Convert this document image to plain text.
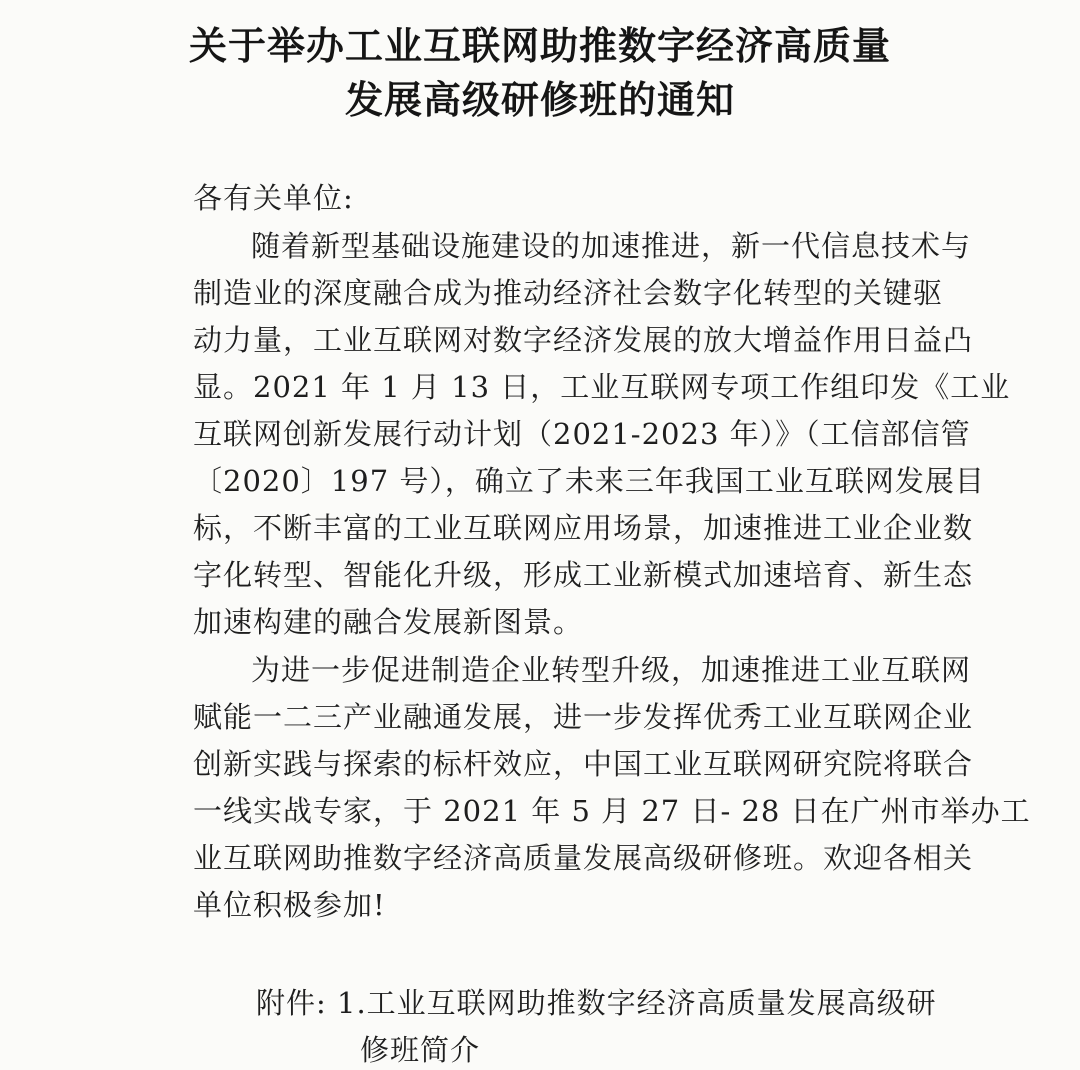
关于举办工业互联网助推数字经济高质量
发展高级研修班的通知
各有关单位:
随着新型基础设施建设的加速推进，新一代信息技术与
制造业的深度融合成为推动经济社会数字化转型的关键驱
动力量，工业互联网对数字经济发展的放大增益作用日益凸
显。2021 年 1 月 13 日，工业互联网专项工作组印发《工业
互联网创新发展行动计划（2021-2023 年）》（工信部信管
〔2020〕197 号），确立了未来三年我国工业互联网发展目
标，不断丰富的工业互联网应用场景，加速推进工业企业数
字化转型、智能化升级，形成工业新模式加速培育、新生态
加速构建的融合发展新图景。
为进一步促进制造企业转型升级，加速推进工业互联网
赋能一二三产业融通发展，进一步发挥优秀工业互联网企业
创新实践与探索的标杆效应，中国工业互联网研究院将联合
一线实战专家，于 2021 年 5 月 27 日- 28 日在广州市举办工
业互联网助推数字经济高质量发展高级研修班。欢迎各相关
单位积极参加!
附件: 1.工业互联网助推数字经济高质量发展高级研
修班简介
